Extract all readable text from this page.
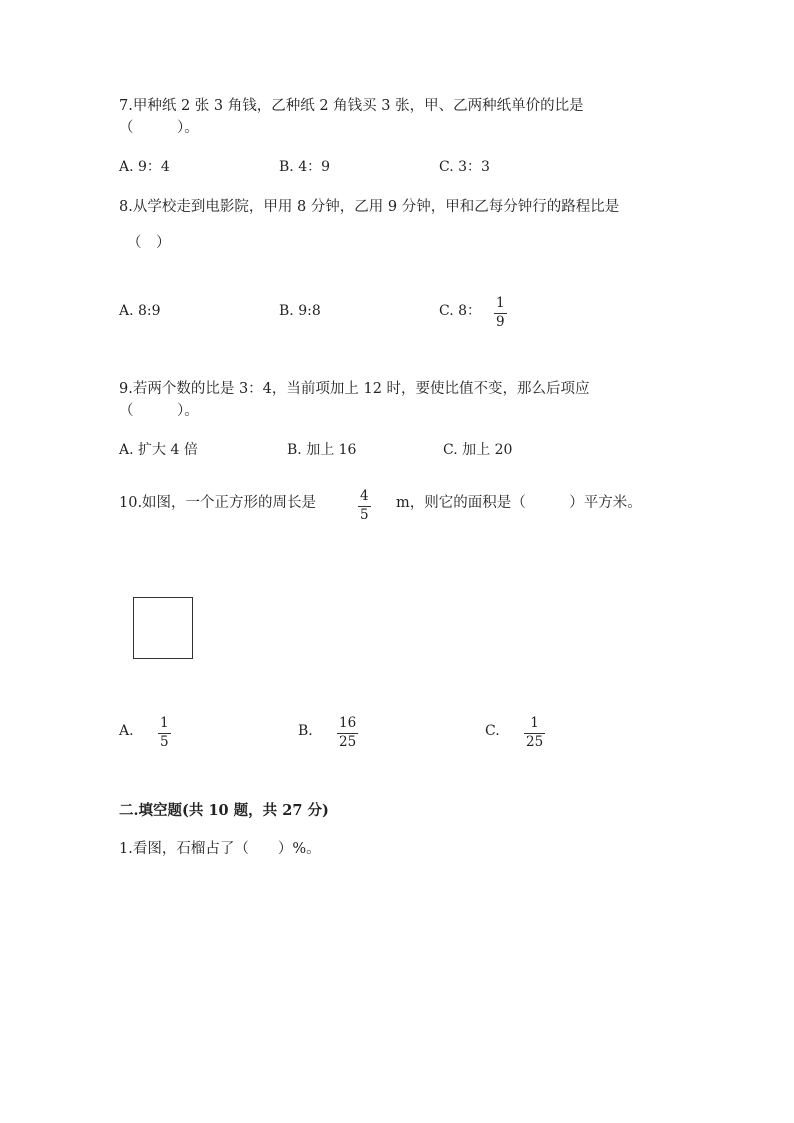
7.甲种纸 2 张 3 角钱，乙种纸 2 角钱买 3 张，甲、乙两种纸单价的比是
（　　　）。
A. 9：4	B. 4：9	C. 3：3
8.从学校走到电影院，甲用 8 分钟，乙用 9 分钟，甲和乙每分钟行的路程比是
（　）
A. 8:9	B. 9:8	C. 8： 1
9
9.若两个数的比是 3：4，当前项加上 12 时，要使比值不变，那么后项应
（　　　）。
A. 扩大 4 倍	B. 加上 16	C. 加上 20
10.如图，一个正方形的周长是	4
5
m，则它的面积是（　　　）平方米。
A. 1
5
B. 16
25
C. 1
25
二.填空题(共 10 题，共 27 分)
1.看图，石榴占了（　　）%。
